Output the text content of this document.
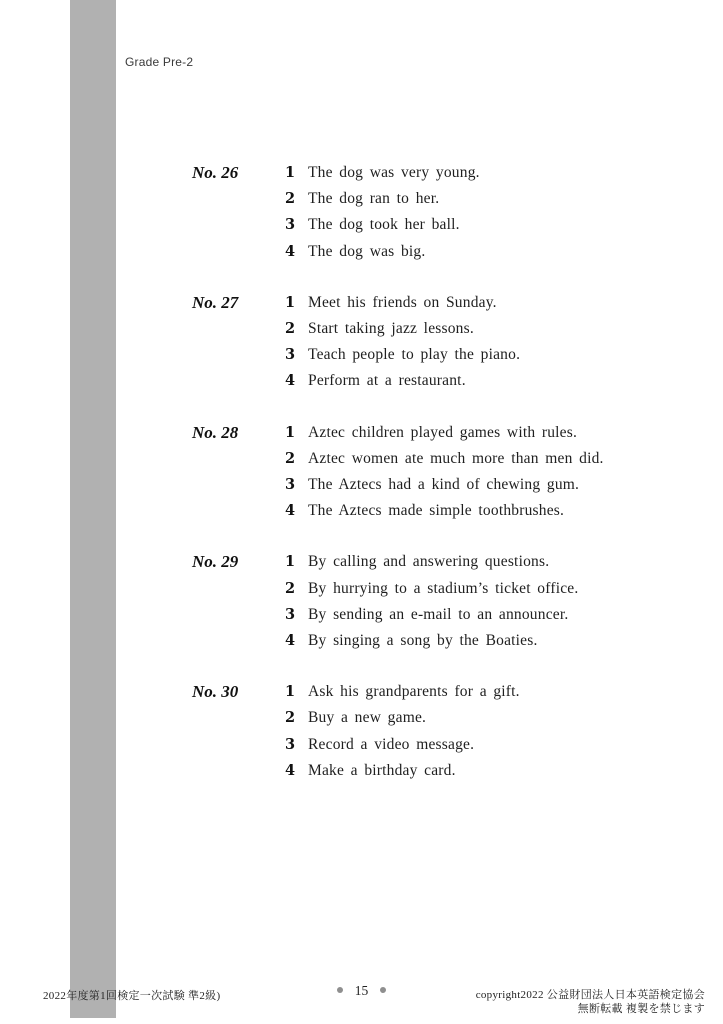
Grade Pre-2
No. 26	1 The dog was very young.
2 The dog ran to her.
3 The dog took her ball.
4 The dog was big.
No. 27	1 Meet his friends on Sunday.
2 Start taking jazz lessons.
3 Teach people to play the piano.
4 Perform at a restaurant.
No. 28	1 Aztec children played games with rules.
2 Aztec women ate much more than men did.
3 The Aztecs had a kind of chewing gum.
4 The Aztecs made simple toothbrushes.
No. 29	1 By calling and answering questions.
2 By hurrying to a stadium’s ticket office.
3 By sending an e-mail to an announcer.
4 By singing a song by the Boaties.
No. 30	1 Ask his grandparents for a gift.
2 Buy a new game.
3 Record a video message.
4 Make a birthday card.
2022年度第1回検定一次試験 準2級)	15	copyright2022 公益財団法人日本英語検定協会
無断転載 複製を禁じます
